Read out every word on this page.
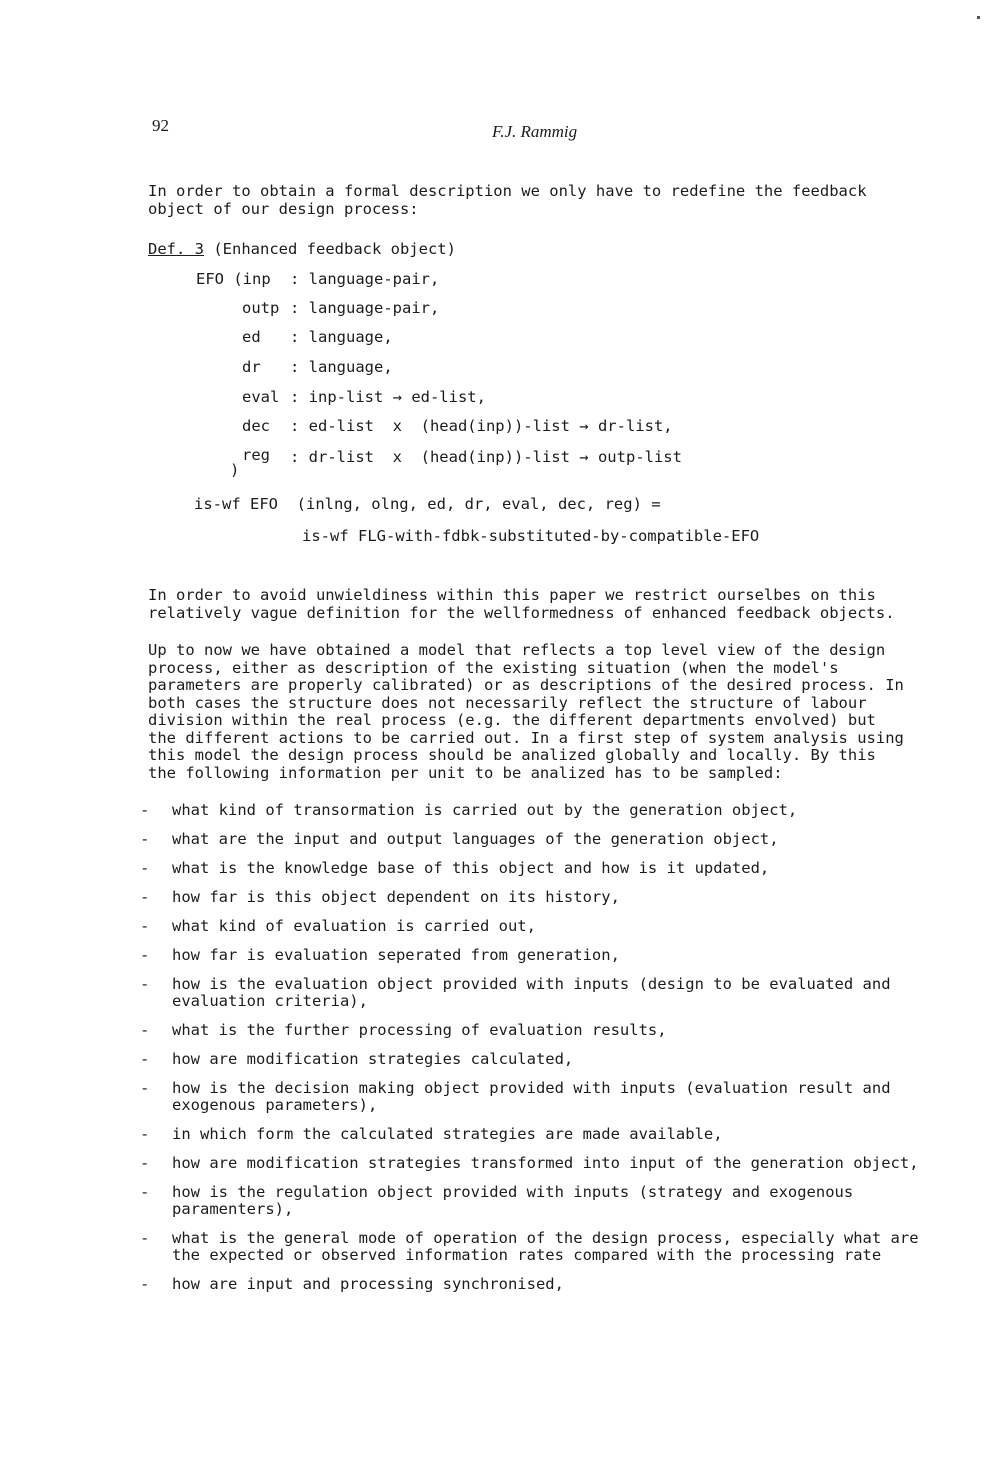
92	F.J. Rammig

In order to obtain a formal description we only have to redefine the feedback object of our design process:

Def. 3 (Enhanced feedback object)
EFO (inp : language-pair,
outp : language-pair,
ed : language,
dr : language,
eval : inp-list → ed-list,
dec : ed-list  x  (head(inp))-list → dr-list,
reg : dr-list  x  (head(inp))-list → outp-list
)
is-wf EFO  (inlng, olng, ed, dr, eval, dec, reg) =
is-wf FLG-with-fdbk-substituted-by-compatible-EFO

In order to avoid unwieldiness within this paper we restrict ourselbes on this relatively vague definition for the wellformedness of enhanced feedback objects.

Up to now we have obtained a model that reflects a top level view of the design process, either as description of the existing situation (when the model's parameters are properly calibrated) or as descriptions of the desired process. In both cases the structure does not necessarily reflect the structure of labour division within the real process (e.g. the different departments envolved) but the different actions to be carried out. In a first step of system analysis using this model the design process should be analized globally and locally. By this the following information per unit to be analized has to be sampled:

- what kind of transormation is carried out by the generation object,
- what are the input and output languages of the generation object,
- what is the knowledge base of this object and how is it updated,
- how far is this object dependent on its history,
- what kind of evaluation is carried out,
- how far is evaluation seperated from generation,
- how is the evaluation object provided with inputs (design to be evaluated and evaluation criteria),
- what is the further processing of evaluation results,
- how are modification strategies calculated,
- how is the decision making object provided with inputs (evaluation result and exogenous parameters),
- in which form the calculated strategies are made available,
- how are modification strategies transformed into input of the generation object,
- how is the regulation object provided with inputs (strategy and exogenous paramenters),
- what is the general mode of operation of the design process, especially what are the expected or observed information rates compared with the processing rate
- how are input and processing synchronised,
